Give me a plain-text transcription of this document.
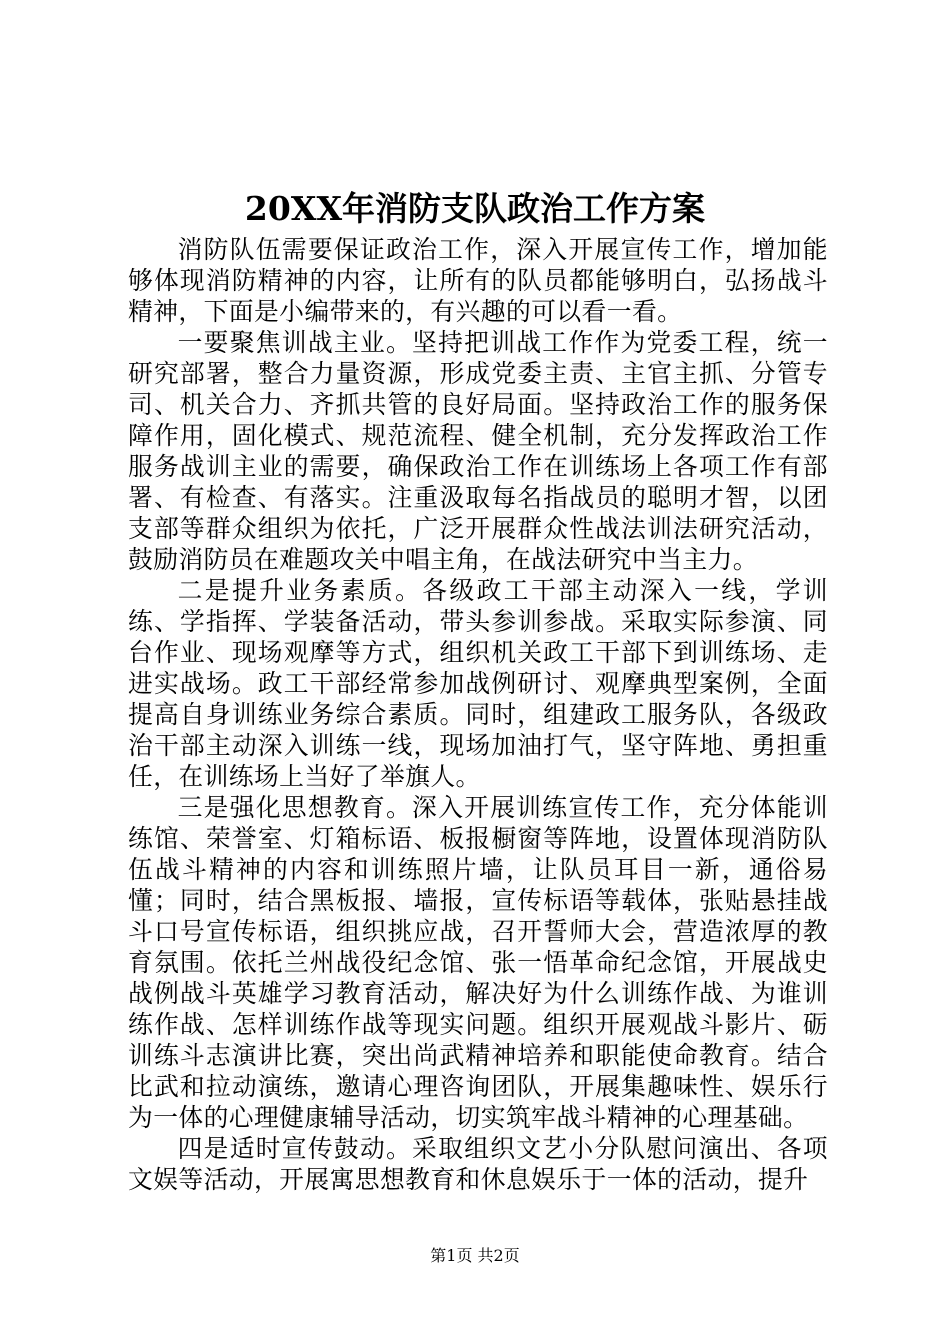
20XX年消防支队政治工作方案

消防队伍需要保证政治工作，深入开展宣传工作，增加能够体现消防精神的内容，让所有的队员都能够明白，弘扬战斗精神，下面是小编带来的，有兴趣的可以看一看。

一要聚焦训战主业。坚持把训战工作作为党委工程，统一研究部署，整合力量资源，形成党委主责、主官主抓、分管专司、机关合力、齐抓共管的良好局面。坚持政治工作的服务保障作用，固化模式、规范流程、健全机制，充分发挥政治工作服务战训主业的需要，确保政治工作在训练场上各项工作有部署、有检查、有落实。注重汲取每名指战员的聪明才智，以团支部等群众组织为依托，广泛开展群众性战法训法研究活动，鼓励消防员在难题攻关中唱主角，在战法研究中当主力。

二是提升业务素质。各级政工干部主动深入一线，学训练、学指挥、学装备活动，带头参训参战。采取实际参演、同台作业、现场观摩等方式，组织机关政工干部下到训练场、走进实战场。政工干部经常参加战例研讨、观摩典型案例，全面提高自身训练业务综合素质。同时，组建政工服务队，各级政治干部主动深入训练一线，现场加油打气，坚守阵地、勇担重任，在训练场上当好了举旗人。

三是强化思想教育。深入开展训练宣传工作，充分体能训练馆、荣誉室、灯箱标语、板报橱窗等阵地，设置体现消防队伍战斗精神的内容和训练照片墙，让队员耳目一新，通俗易懂；同时，结合黑板报、墙报，宣传标语等载体，张贴悬挂战斗口号宣传标语，组织挑应战，召开誓师大会，营造浓厚的教育氛围。依托兰州战役纪念馆、张一悟革命纪念馆，开展战史战例战斗英雄学习教育活动，解决好为什么训练作战、为谁训练作战、怎样训练作战等现实问题。组织开展观战斗影片、砺训练斗志演讲比赛，突出尚武精神培养和职能使命教育。结合比武和拉动演练，邀请心理咨询团队，开展集趣味性、娱乐行为一体的心理健康辅导活动，切实筑牢战斗精神的心理基础。

四是适时宣传鼓动。采取组织文艺小分队慰问演出、各项文娱等活动，开展寓思想教育和休息娱乐于一体的活动，提升

第1页 共2页
